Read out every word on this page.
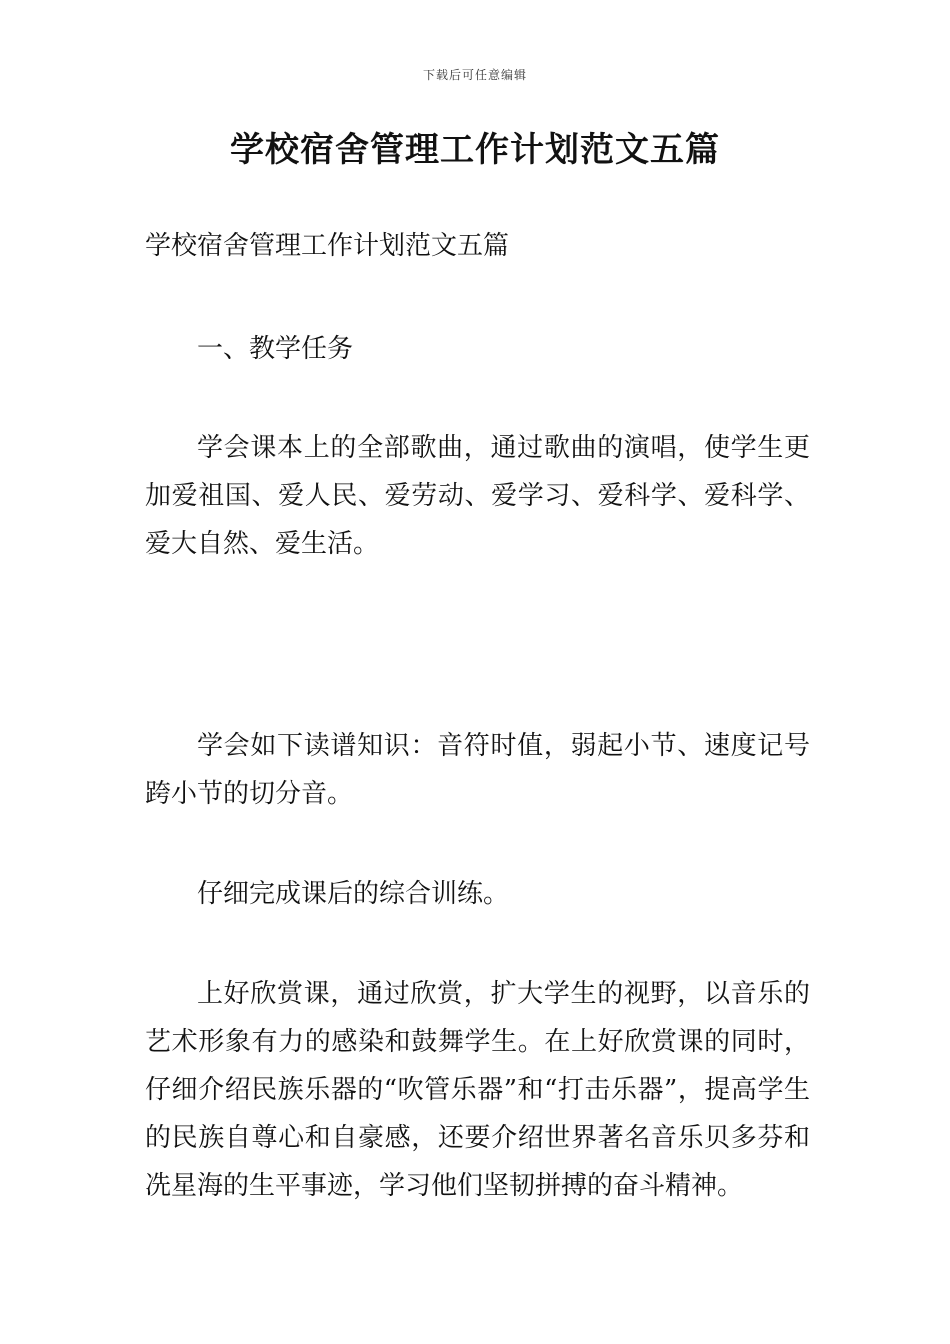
下载后可任意编辑
学校宿舍管理工作计划范文五篇

学校宿舍管理工作计划范文五篇

一、教学任务

学会课本上的全部歌曲，通过歌曲的演唱，使学生更加爱祖国、爱人民、爱劳动、爱学习、爱科学、爱科学、爱大自然、爱生活。

学会如下读谱知识：音符时值，弱起小节、速度记号跨小节的切分音。

仔细完成课后的综合训练。

上好欣赏课，通过欣赏，扩大学生的视野，以音乐的艺术形象有力的感染和鼓舞学生。在上好欣赏课的同时，仔细介绍民族乐器的“吹管乐器”和“打击乐器”，提高学生的民族自尊心和自豪感，还要介绍世界著名音乐贝多芬和冼星海的生平事迹，学习他们坚韧拼搏的奋斗精神。
